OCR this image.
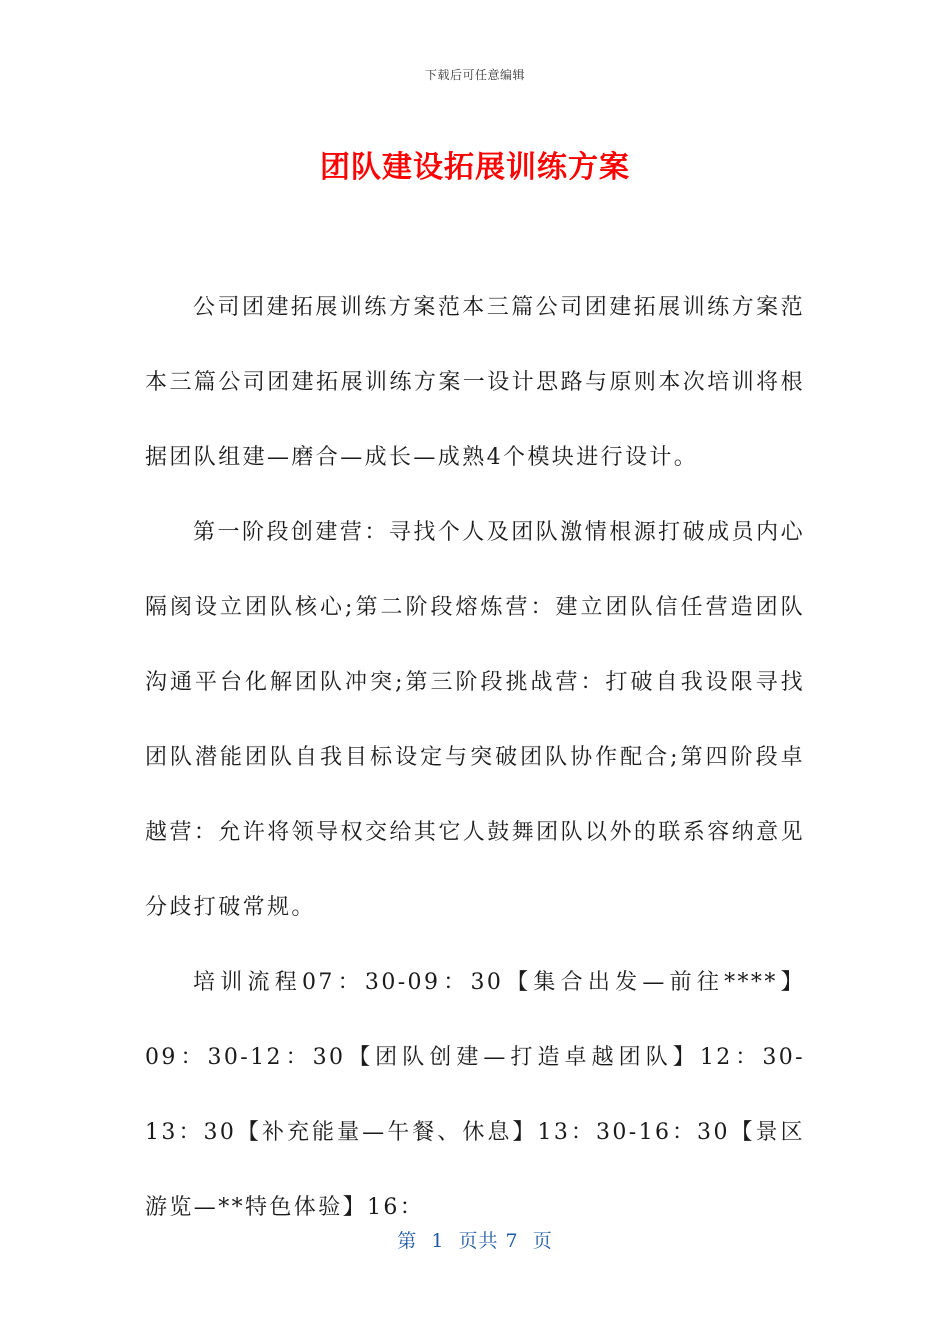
下载后可任意编辑
团队建设拓展训练方案

公司团建拓展训练方案范本三篇公司团建拓展训练方案范本三篇公司团建拓展训练方案一设计思路与原则本次培训将根据团队组建—磨合—成长—成熟4个模块进行设计。

第一阶段创建营：寻找个人及团队激情根源打破成员内心隔阂设立团队核心;第二阶段熔炼营：建立团队信任营造团队沟通平台化解团队冲突;第三阶段挑战营：打破自我设限寻找团队潜能团队自我目标设定与突破团队协作配合;第四阶段卓越营：允许将领导权交给其它人鼓舞团队以外的联系容纳意见分歧打破常规。

培训流程07：30-09：30【集合出发—前往****】09：30-12：30【团队创建—打造卓越团队】12：30-13：30【补充能量—午餐、休息】13：30-16：30【景区游览—**特色体验】16：

第  1  页共 7  页
